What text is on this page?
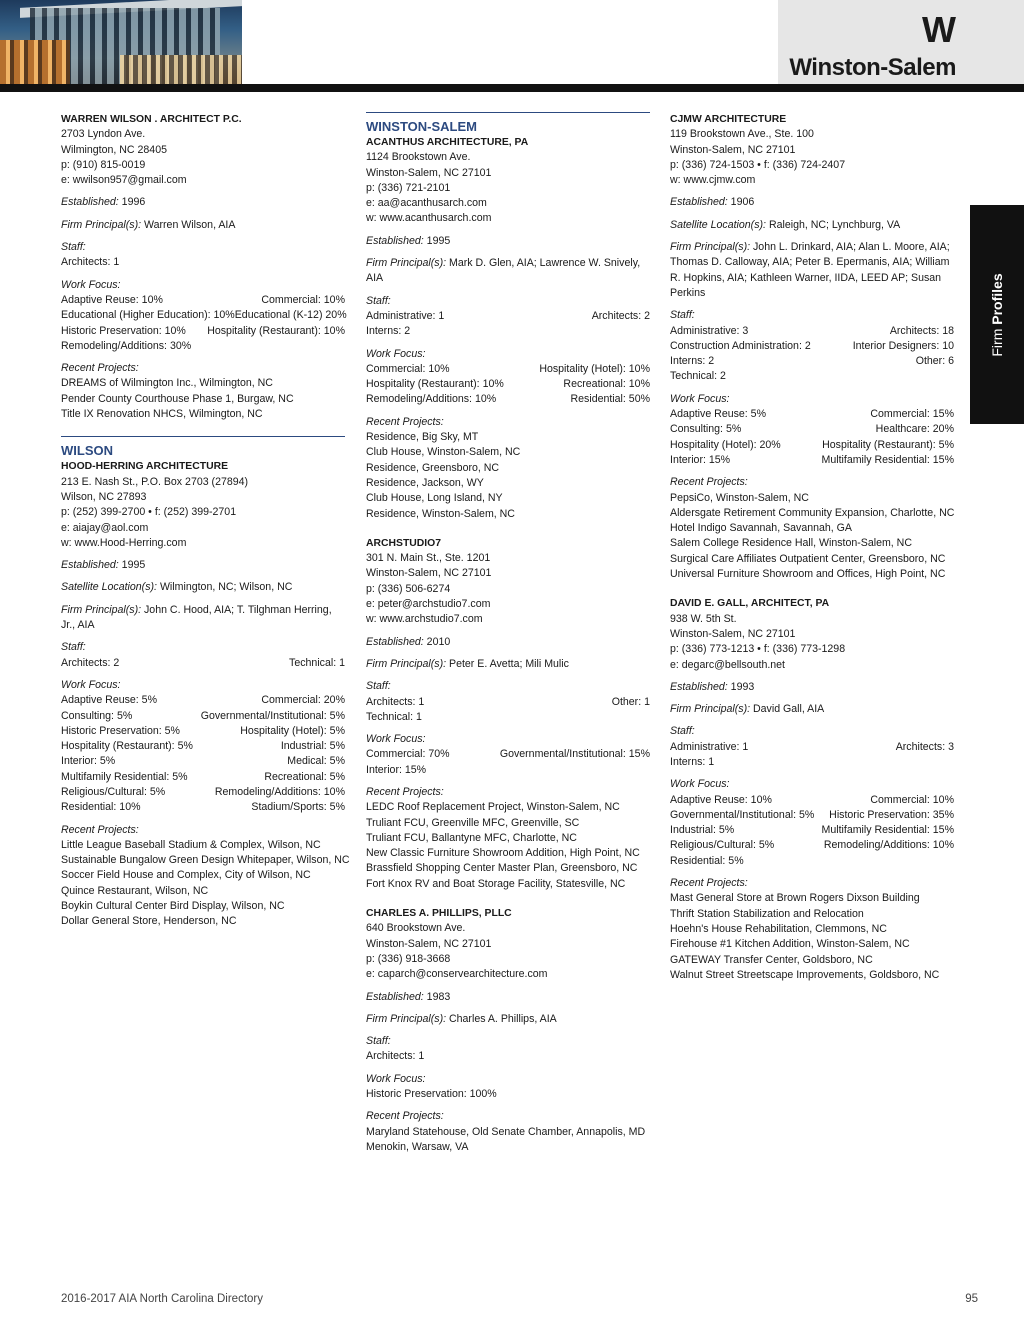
W
Winston-Salem
Firm Profiles
WARREN WILSON . ARCHITECT P.C.
2703 Lyndon Ave.
Wilmington, NC 28405
p: (910) 815-0019
e: wwilson957@gmail.com
Established: 1996
Firm Principal(s): Warren Wilson, AIA
Staff:
Architects: 1
Work Focus:
Adaptive Reuse: 10%	Commercial: 10%
Educational (Higher Education): 10% Educational (K-12) 20%
Historic Preservation: 10% Hospitality (Restaurant): 10%
Remodeling/Additions: 30%
Recent Projects:
DREAMS of Wilmington Inc., Wilmington, NC
Pender County Courthouse Phase 1, Burgaw, NC
Title IX Renovation NHCS, Wilmington, NC
WILSON
HOOD-HERRING ARCHITECTURE
213 E. Nash St., P.O. Box 2703 (27894)
Wilson, NC 27893
p: (252) 399-2700 • f: (252) 399-2701
e: aiajay@aol.com
w: www.Hood-Herring.com
Established: 1995
Satellite Location(s): Wilmington, NC; Wilson, NC
Firm Principal(s): John C. Hood, AIA; T. Tilghman Herring, Jr., AIA
Staff:
Architects: 2	Technical: 1
Work Focus:
Adaptive Reuse: 5%	Commercial: 20%
Consulting: 5%	Governmental/Institutional: 5%
Historic Preservation: 5%	Hospitality (Hotel): 5%
Hospitality (Restaurant): 5%	Industrial: 5%
Interior: 5%	Medical: 5%
Multifamily Residential: 5%	Recreational: 5%
Religious/Cultural: 5%	Remodeling/Additions: 10%
Residential: 10%	Stadium/Sports: 5%
Recent Projects:
Little League Baseball Stadium & Complex, Wilson, NC
Sustainable Bungalow Green Design Whitepaper, Wilson, NC
Soccer Field House and Complex, City of Wilson, NC
Quince Restaurant, Wilson, NC
Boykin Cultural Center Bird Display, Wilson, NC
Dollar General Store, Henderson, NC
WINSTON-SALEM
ACANTHUS ARCHITECTURE, PA
1124 Brookstown Ave.
Winston-Salem, NC 27101
p: (336) 721-2101
e: aa@acanthusarch.com
w: www.acanthusarch.com
Established: 1995
Firm Principal(s): Mark D. Glen, AIA; Lawrence W. Snively, AIA
Staff:
Administrative: 1	Architects: 2
Interns: 2
Work Focus:
Commercial: 10%	Hospitality (Hotel): 10%
Hospitality (Restaurant): 10%	Recreational: 10%
Remodeling/Additions: 10%	Residential: 50%
Recent Projects:
Residence, Big Sky, MT
Club House, Winston-Salem, NC
Residence, Greensboro, NC
Residence, Jackson, WY
Club House, Long Island, NY
Residence, Winston-Salem, NC
ARCHSTUDIO7
301 N. Main St., Ste. 1201
Winston-Salem, NC 27101
p: (336) 506-6274
e: peter@archstudio7.com
w: www.archstudio7.com
Established: 2010
Firm Principal(s): Peter E. Avetta; Mili Mulic
Staff:
Architects: 1	Other: 1
Technical: 1
Work Focus:
Commercial: 70%	Governmental/Institutional: 15%
Interior: 15%
Recent Projects:
LEDC Roof Replacement Project, Winston-Salem, NC
Truliant FCU, Greenville MFC, Greenville, SC
Truliant FCU, Ballantyne MFC, Charlotte, NC
New Classic Furniture Showroom Addition, High Point, NC
Brassfield Shopping Center Master Plan, Greensboro, NC
Fort Knox RV and Boat Storage Facility, Statesville, NC
CHARLES A. PHILLIPS, PLLC
640 Brookstown Ave.
Winston-Salem, NC 27101
p: (336) 918-3668
e: caparch@conservearchitecture.com
Established: 1983
Firm Principal(s): Charles A. Phillips, AIA
Staff:
Architects: 1
Work Focus:
Historic Preservation: 100%
Recent Projects:
Maryland Statehouse, Old Senate Chamber, Annapolis, MD
Menokin, Warsaw, VA
CJMW ARCHITECTURE
119 Brookstown Ave., Ste. 100
Winston-Salem, NC 27101
p: (336) 724-1503 • f: (336) 724-2407
w: www.cjmw.com
Established: 1906
Satellite Location(s): Raleigh, NC; Lynchburg, VA
Firm Principal(s): John L. Drinkard, AIA; Alan L. Moore, AIA; Thomas D. Calloway, AIA; Peter B. Epermanis, AIA; William R. Hopkins, AIA; Kathleen Warner, IIDA, LEED AP; Susan Perkins
Staff:
Administrative: 3	Architects: 18
Construction Administration: 2	Interior Designers: 10
Interns: 2	Other: 6
Technical: 2
Work Focus:
Adaptive Reuse: 5%	Commercial: 15%
Consulting: 5%	Healthcare: 20%
Hospitality (Hotel): 20%	Hospitality (Restaurant): 5%
Interior: 15%	Multifamily Residential: 15%
Recent Projects:
PepsiCo, Winston-Salem, NC
Aldersgate Retirement Community Expansion, Charlotte, NC
Hotel Indigo Savannah, Savannah, GA
Salem College Residence Hall, Winston-Salem, NC
Surgical Care Affiliates Outpatient Center, Greensboro, NC
Universal Furniture Showroom and Offices, High Point, NC
DAVID E. GALL, ARCHITECT, PA
938 W. 5th St.
Winston-Salem, NC 27101
p: (336) 773-1213 • f: (336) 773-1298
e: degarc@bellsouth.net
Established: 1993
Firm Principal(s): David Gall, AIA
Staff:
Administrative: 1	Architects: 3
Interns: 1
Work Focus:
Adaptive Reuse: 10%	Commercial: 10%
Governmental/Institutional: 5% Historic Preservation: 35%
Industrial: 5%	Multifamily Residential: 15%
Religious/Cultural: 5%	Remodeling/Additions: 10%
Residential: 5%
Recent Projects:
Mast General Store at Brown Rogers Dixson Building
Thrift Station Stabilization and Relocation
Hoehn's House Rehabilitation, Clemmons, NC
Firehouse #1 Kitchen Addition, Winston-Salem, NC
GATEWAY Transfer Center, Goldsboro, NC
Walnut Street Streetscape Improvements, Goldsboro, NC
2016-2017 AIA North Carolina Directory	95
